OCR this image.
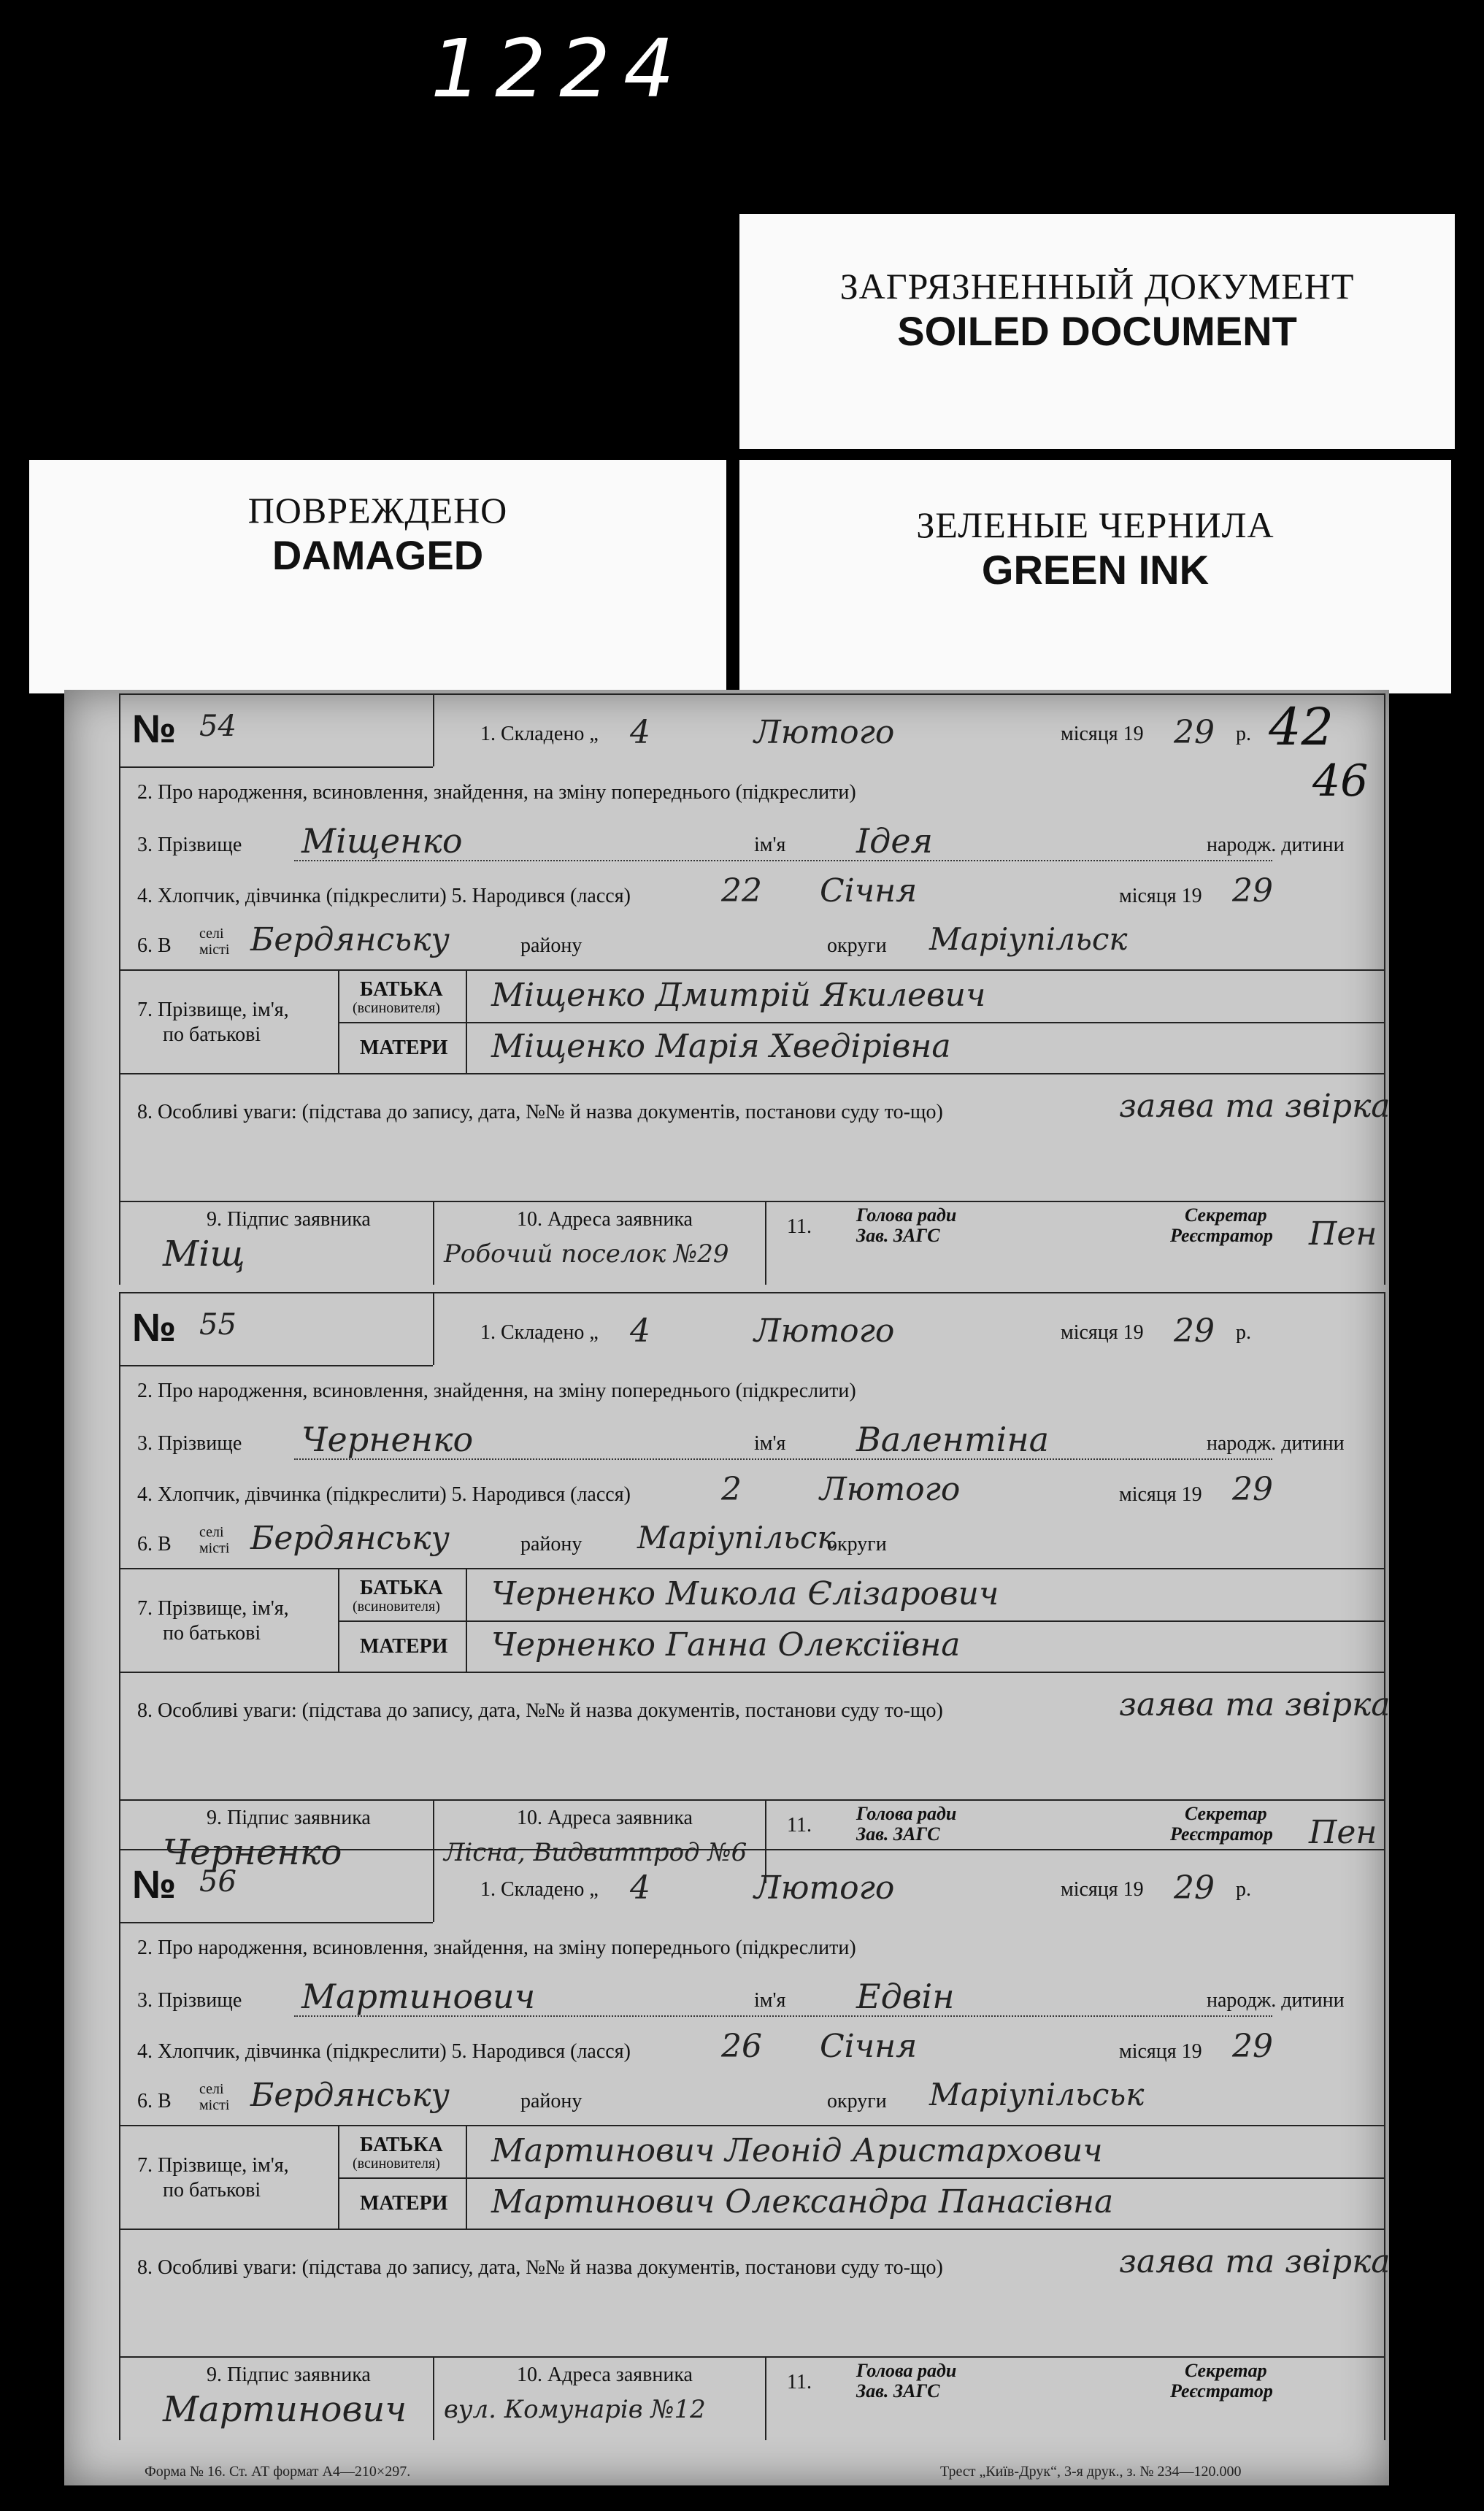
1224
ЗАГРЯЗНЕННЫЙ ДОКУМЕНТ
SOILED DOCUMENT
ПОВРЕЖДЕНО
DAMAGED
ЗЕЛЕНЫЕ ЧЕРНИЛА
GREEN INK
42
46
№ 54	1. Складено „ 4	Лютого	місяця 19 29 р.
2. Про народження, всиновлення, знайдення, на зміну попереднього (підкреслити)
3. Прізвище Міщенко	ім'я Ідея	народж. дитини
4. Хлопчик, дівчинка (підкреслити) 5. Народився (ласся)	22 Січня	місяця 19 29
6. В
селі
місті Бердянську	району	округи Маріупільск
7. Прізвище, ім'я,
по батькові
БАТЬКА
(всиновителя) Міщенко Дмитрій Якилевич
МАТЕРИ Міщенко Марія Хведірівна
8. Особливі уваги: (підстава до запису, дата, №№ й назва документів, постанови суду то-що)	заява та звірка
9. Підпис заявника
Міщ
10. Адреса заявника
Робочий поселок №29
11.
Голова ради
Зав. ЗАГС
Секретар
Реєстратор Пен
№ 55	1. Складено „ 4	Лютого	місяця 19 29 р.
2. Про народження, всиновлення, знайдення, на зміну попереднього (підкреслити)
3. Прізвище Черненко	ім'я Валентіна	народж. дитини
4. Хлопчик, дівчинка (підкреслити) 5. Народився (ласся)	2 Лютого	місяця 19 29
6. В
селі
місті Бердянську	району Маріупільск
округи
7. Прізвище, ім'я,
по батькові
БАТЬКА
(всиновителя) Черненко Микола Єлізарович
МАТЕРИ Черненко Ганна Олексіївна
8. Особливі уваги: (підстава до запису, дата, №№ й назва документів, постанови суду то-що)	заява та звірка
9. Підпис заявника
Черненко
10. Адреса заявника
Лісна, Видвитпрод №6
11.
Голова ради
Зав. ЗАГС
Секретар
Реєстратор Пен
№ 56	1. Складено „ 4	Лютого	місяця 19 29 р.
2. Про народження, всиновлення, знайдення, на зміну попереднього (підкреслити)
3. Прізвище Мартинович	ім'я Едвін	народж. дитини
4. Хлопчик, дівчинка (підкреслити) 5. Народився (ласся)	26 Січня	місяця 19 29
6. В
селі
місті Бердянську	району	округи Маріупільськ
7. Прізвище, ім'я,
по батькові
БАТЬКА
(всиновителя) Мартинович Леонід Аристархович
МАТЕРИ Мартинович Олександра Панасівна
8. Особливі уваги: (підстава до запису, дата, №№ й назва документів, постанови суду то-що)	заява та звірка
9. Підпис заявника
Мартинович
10. Адреса заявника
вул. Комунарів №12
11.
Голова ради
Зав. ЗАГС
Секретар
Реєстратор
Форма № 16. Ст. АТ формат А4—210×297.	Трест „Київ-Друк“, 3-я друк., з. № 234—120.000
